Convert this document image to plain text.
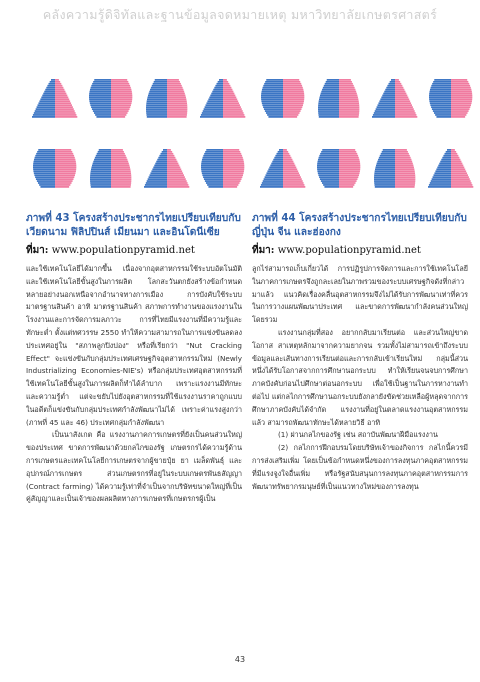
คลังความรู้ดิจิทัลและฐานข้อมูลจดหมายเหตุ มหาวิทยาลัยเกษตรศาสตร์
ภาพที่ 43 โครงสร้างประชากรไทยเปรียบเทียบกับ เวียดนาม ฟิลิปปินส์ เมียนมา และอินโดนีเซีย
ที่มา: www.populationpyramid.net
ภาพที่ 44 โครงสร้างประชากรไทยเปรียบเทียบกับ ญี่ปุ่น จีน และฮ่องกง
ที่มา: www.populationpyramid.net

และใช้เทคโนโลยีได้มากขึ้น เนื่องจากอุตสาหกรรมใช้ระบบอัตโนมัติ และใช้เทคโนโลยีขั้นสูงในการผลิต โลกสะวันตกยังสร้างข้อกำหนดหลายอย่างนอกเหนือจากอำนาจทางการเมือง การบังคับใช้ระบบมาตรฐานสินค้า อาทิ มาตรฐานสินค้า สภาพการทำงานของแรงงานในโรงงานและการจัดการมลภาวะ การที่ไทยมีแรงงานที่มีความรู้และทักษะต่ำ ตั้งแต่ทศวรรษ 2550 ทำให้ความสามารถในการแข่งขันลดลง ประเทศอยู่ใน "สภาพลูกปิงปอง" หรือที่เรียกว่า "Nut Cracking Effect" จะแข่งขันกับกลุ่มประเทศเศรษฐกิจอุตสาหกรรมใหม่ (Newly Industrializing Economies-NIE's) หรือกลุ่มประเทศอุตสาหกรรมที่ใช้เทคโนโลยีขั้นสูงในการผลิตก็ทำได้ลำบาก เพราะแรงงานมีทักษะและความรู้ต่ำ แต่จะขยับไปยังอุตสาหกรรมที่ใช้แรงงานราคาถูกแบบในอดีตก็แข่งขันกับกลุ่มประเทศกำลังพัฒนาไม่ได้ เพราะค่าแรงสูงกว่า (ภาพที่ 45 และ 46) ประเทศกลุ่มกำลังพัฒนา

เป็นนาสังเกต คือ แรงงานภาคการเกษตรที่ยังเป็นคนส่วนใหญ่ของประเทศ ขาดการพัฒนาด้วยกลไกของรัฐ เกษตรกรได้ความรู้ด้านการเกษตรและเทคโนโลยีการเกษตรจากผู้ขายปุ๋ย ยา เมล็ดพันธุ์ และอุปกรณ์การเกษตร ส่วนเกษตรกรที่อยู่ในระบบเกษตรพันธสัญญา (Contract farming) ได้ความรู้เท่าที่จำเป็นจากบริษัทขนาดใหญ่ที่เป็นคู่สัญญาและเป็นเจ้าของผลผลิตทางการเกษตรที่เกษตรกรผู้เป็น

ลูกไร่สามารถเก็บเกี่ยวได้ การปฏิรูปการจัดการและการใช้เทคโนโลยีในภาคการเกษตรจึงถูกละเลยในภาพรวมของระบบเศรษฐกิจดังที่กล่าวมาแล้ว แนวคิดเรื่องคลื่นอุตสาหกรรมจึงไม่ได้รับการพัฒนาเท่าที่ควรในการวางแผนพัฒนาประเทศ และขาดการพัฒนากำลังคนส่วนใหญ่โดยรวม

แรงงานกลุ่มที่สอง อยากกลับมาเรียนต่อ และส่วนใหญ่ขาดโอกาส สาเหตุหลักมาจากความยากจน รวมทั้งไม่สามารถเข้าถึงระบบข้อมูลและเส้นทางการเรียนต่อและการกลับเข้าเรียนใหม่ กลุ่มนี้ส่วนหนึ่งได้รับโอกาสจากการศึกษานอกระบบ ทำให้เรียนจนจบการศึกษาภาคบังคับก่อนไปศึกษาต่อนอกระบบ เพื่อใช้เป็นฐานในการหางานทำต่อไป แต่กลไกการศึกษานอกระบบยังกลายังขัดช่วยเหลือผู้หลุดจากการศึกษาภาคบังคับได้จำกัด แรงงานที่อยู่ในตลาดแรงงานอุตสาหกรรมแล้ว สามารถพัฒนาทักษะได้หลายวิธี อาทิ

(1) ผ่านกลไกของรัฐ เช่น สถาบันพัฒนาฝีมือแรงงาน

(2) กลไกการฝึกอบรมโดยบริษัทเจ้าของกิจการ กลไกนี้ควรมีการส่งเสริมเพิ่ม โดยเป็นข้อกำหนดหนึ่งของการลงทุนภาคอุตสาหกรรมที่มีแรงจูงใจอื่นเพิ่ม หรือรัฐสนับสนุนการลงทุนภาคอุตสาหกรรมการพัฒนาทรัพยากรมนุษย์ที่เป็นแนวทางใหม่ของการลงทุน

43
